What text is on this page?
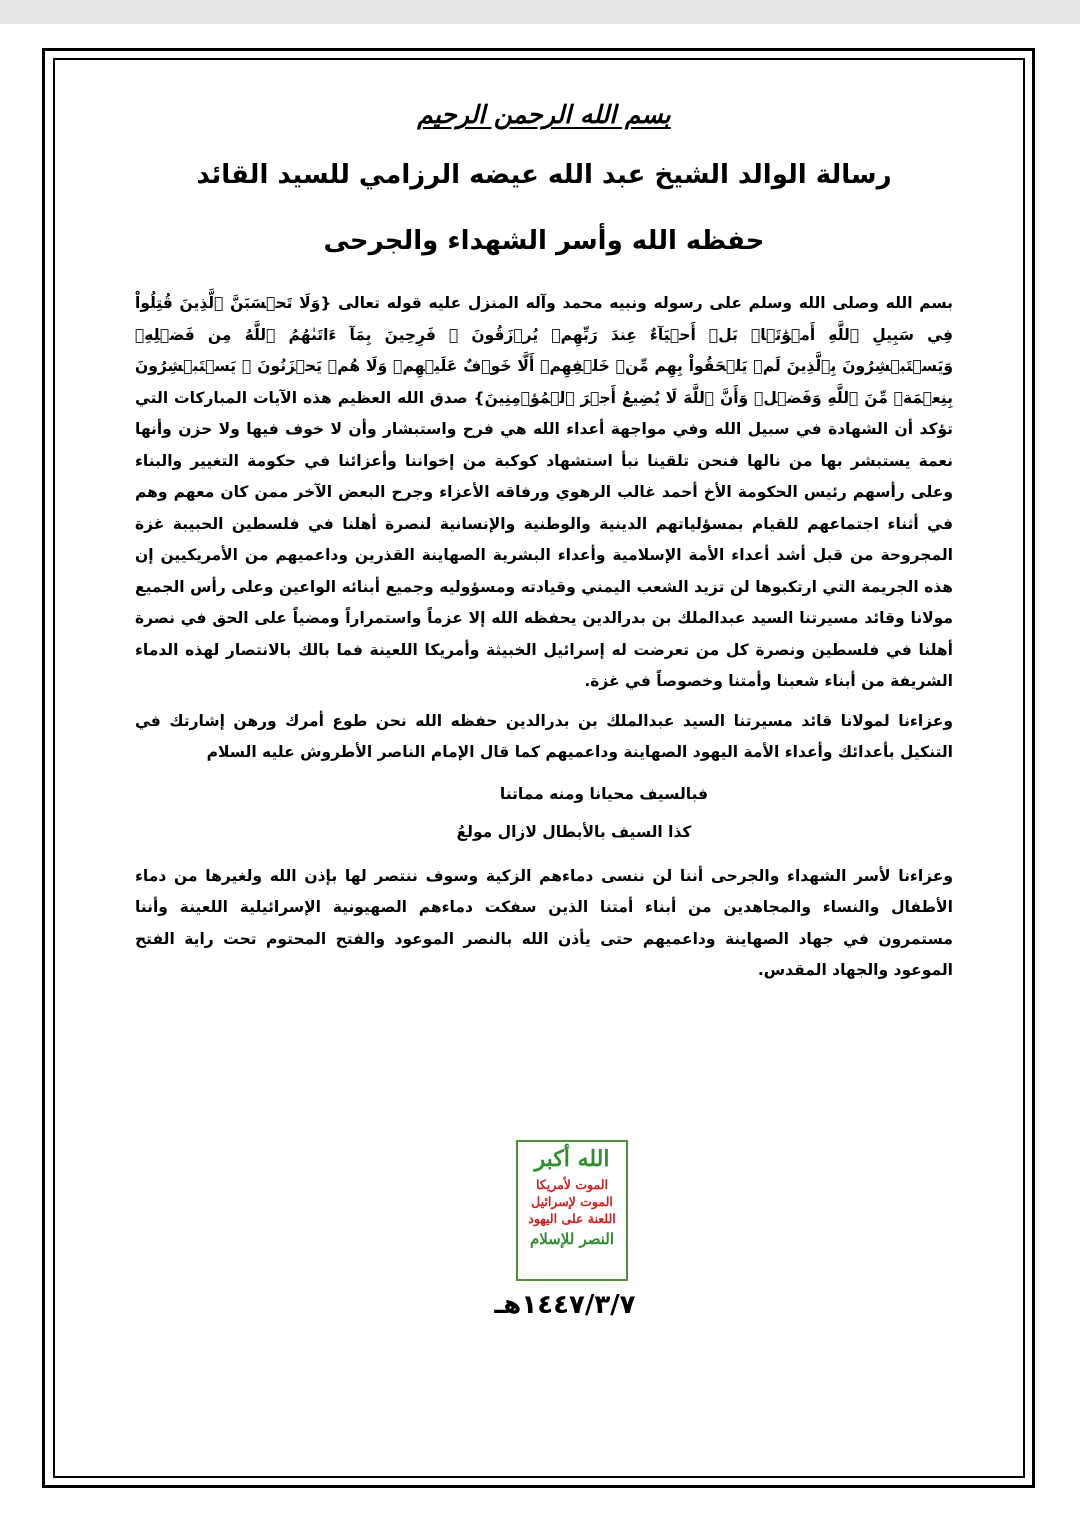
بسم الله الرحمن الرحيم

رسالة الوالد الشيخ عبد الله عيضه الرزامي للسيد القائد

حفظه الله وأسر الشهداء والجرحى

بسم الله وصلى الله وسلم على رسوله ونبيه محمد وآله المنزل عليه قوله تعالى {وَلَا تَحۡسَبَنَّ ٱلَّذِينَ قُتِلُواْ فِي سَبِيلِ ٱللَّهِ أَمۡوَٰتَۢاۚ بَلۡ أَحۡيَآءٌ عِندَ رَبِّهِمۡ يُرۡزَقُونَ ۞ فَرِحِينَ بِمَآ ءَاتَىٰهُمُ ٱللَّهُ مِن فَضۡلِهِۦ وَيَسۡتَبۡشِرُونَ بِٱلَّذِينَ لَمۡ يَلۡحَقُواْ بِهِم مِّنۡ خَلۡفِهِمۡ أَلَّا خَوۡفٌ عَلَيۡهِمۡ وَلَا هُمۡ يَحۡزَنُونَ ۞ يَسۡتَبۡشِرُونَ بِنِعۡمَةٖ مِّنَ ٱللَّهِ وَفَضۡلٖ وَأَنَّ ٱللَّهَ لَا يُضِيعُ أَجۡرَ ٱلۡمُؤۡمِنِينَ} صدق الله العظيم هذه الآيات المباركات التي تؤكد أن الشهادة في سبيل الله وفي مواجهة أعداء الله هي فرح واستبشار وأن لا خوف فيها ولا حزن وأنها نعمة يستبشر بها من نالها فنحن تلقينا نبأ استشهاد كوكبة من إخواننا وأعزائنا في حكومة التغيير والبناء وعلى رأسهم رئيس الحكومة الأخ أحمد غالب الرهوي ورفاقه الأعزاء وجرح البعض الآخر ممن كان معهم وهم في أثناء اجتماعهم للقيام بمسؤلياتهم الدينية والوطنية والإنسانية لنصرة أهلنا في فلسطين الحبيبة غزة المجروحة من قبل أشد أعداء الأمة الإسلامية وأعداء البشرية الصهاينة القذرين وداعميهم من الأمريكيين إن هذه الجريمة التي ارتكبوها لن تزيد الشعب اليمني وقيادته ومسؤوليه وجميع أبنائه الواعين وعلى رأس الجميع مولانا وقائد مسيرتنا السيد عبدالملك بن بدرالدين يحفظه الله إلا عزماً واستمراراً ومضياً على الحق في نصرة أهلنا في فلسطين ونصرة كل من تعرضت له إسرائيل الخبيثة وأمريكا اللعينة فما بالك بالانتصار لهذه الدماء الشريفة من أبناء شعبنا وأمتنا وخصوصاً في غزة.

وعزاءنا لمولانا قائد مسيرتنا السيد عبدالملك بن بدرالدين حفظه الله نحن طوع أمرك ورهن إشارتك في التنكيل بأعدائك وأعداء الأمة اليهود الصهاينة وداعميهم كما قال الإمام الناصر الأطروش عليه السلام

فبالسيف محيانا ومنه مماتنا

كذا السيف بالأبطال لازال مولعُ

وعزاءنا لأسر الشهداء والجرحى أننا لن ننسى دماءهم الزكية وسوف ننتصر لها بإذن الله ولغيرها من دماء الأطفال والنساء والمجاهدين من أبناء أمتنا الذين سفكت دماءهم الصهيونية الإسرائيلية اللعينة وأننا مستمرون في جهاد الصهاينة وداعميهم حتى يأذن الله بالنصر الموعود والفتح المحتوم تحت راية الفتح الموعود والجهاد المقدس.

الله أكبر
الموت لأمريكا
الموت لإسرائيل
اللعنة على اليهود
النصر للإسلام
١٤٤٧/٣/٧هـ
